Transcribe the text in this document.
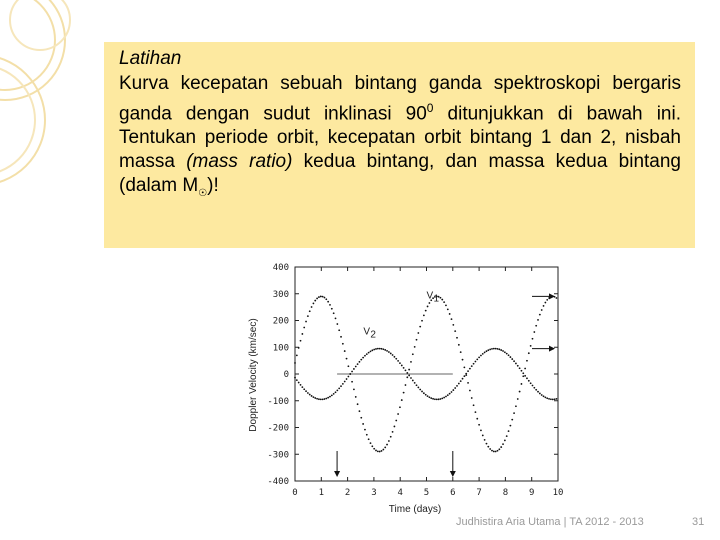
Latihan
Kurva kecepatan sebuah bintang ganda spektroskopi bergaris ganda dengan sudut inklinasi $90^0$ ditunjukkan di bawah ini. Tentukan periode orbit, kecepatan orbit bintang 1 dan 2, nisbah massa (mass ratio) kedua bintang, dan massa kedua bintang (dalam $M_☉$)!
Doppler Velocity (km/sec)
Time (days)
400
300
200
100
0
-100
-200
-300
-400
0 1 2 3 4 5 6 7 8 9 10
V 1
V 2
Judhistira Aria Utama | TA 2012 - 2013	31
